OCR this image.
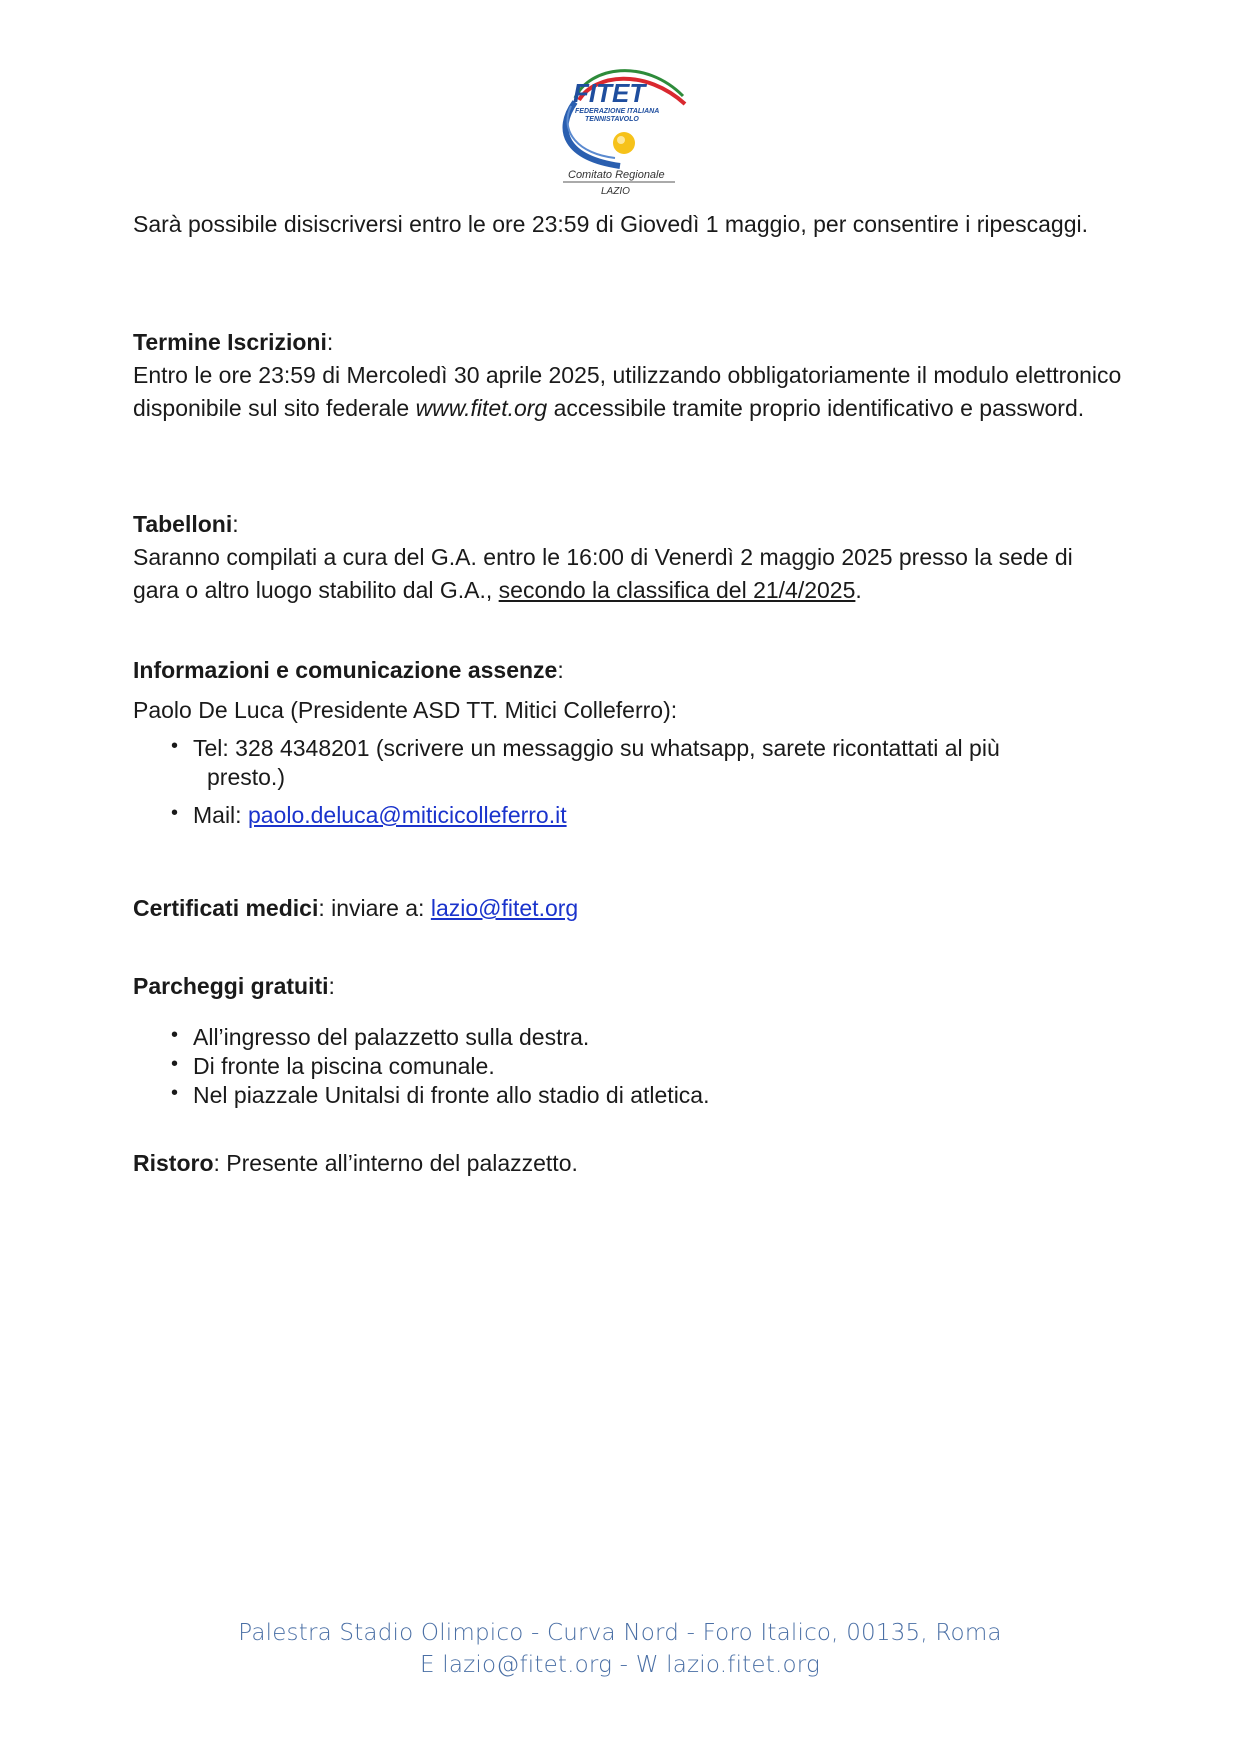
FITET
FEDERAZIONE ITALIANA
TENNISTAVOLO
Comitato Regionale
LAZIO

Sarà possibile disiscriversi entro le ore 23:59 di Giovedì 1 maggio, per consentire i ripescaggi.

Termine Iscrizioni:

Entro le ore 23:59 di Mercoledì 30 aprile 2025, utilizzando obbligatoriamente il modulo elettronico disponibile sul sito federale www.fitet.org accessibile tramite proprio identificativo e password.

Tabelloni:

Saranno compilati a cura del G.A. entro le 16:00 di Venerdì 2 maggio 2025 presso la sede di gara o altro luogo stabilito dal G.A., secondo la classifica del 21/4/2025.

Informazioni e comunicazione assenze:

Paolo De Luca (Presidente ASD TT. Mitici Colleferro):

• Tel: 328 4348201 (scrivere un messaggio su whatsapp, sarete ricontattati al più
presto.)

• Mail: paolo.deluca@miticicolleferro.it

Certificati medici: inviare a: lazio@fitet.org

Parcheggi gratuiti:

• All’ingresso del palazzetto sulla destra.

• Di fronte la piscina comunale.

• Nel piazzale Unitalsi di fronte allo stadio di atletica.

Ristoro: Presente all’interno del palazzetto.

Palestra Stadio Olimpico - Curva Nord - Foro Italico, 00135, Roma
E lazio@fitet.org - W lazio.fitet.org
